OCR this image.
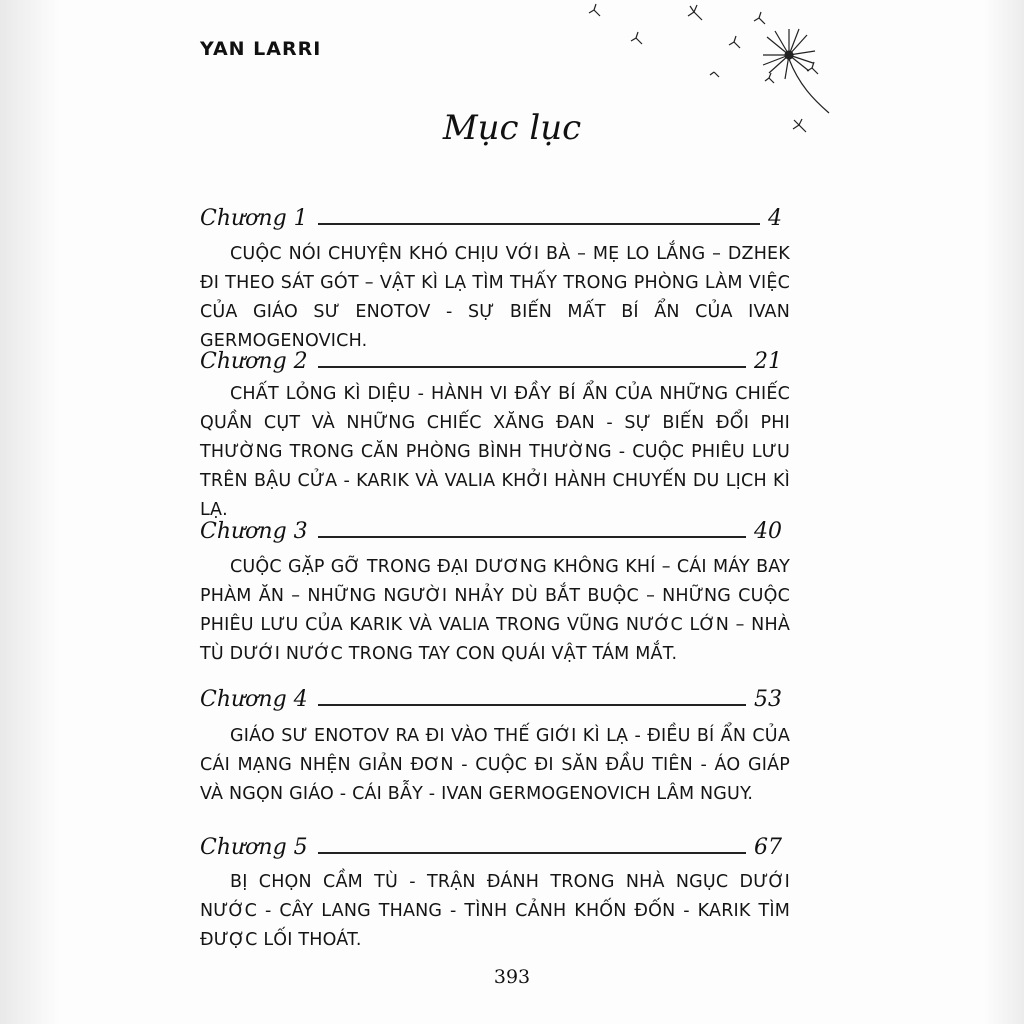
YAN LARRI
Mục lục
Chương 1	4
CUỘC NÓI CHUYỆN KHÓ CHỊU VỚI BÀ – MẸ LO LẮNG – DZHEK ĐI THEO SÁT GÓT – VẬT KÌ LẠ TÌM THẤY TRONG PHÒNG LÀM VIỆC CỦA GIÁO SƯ ENOTOV - SỰ BIẾN MẤT BÍ ẨN CỦA IVAN GERMOGENOVICH.
Chương 2	21
CHẤT LỎNG KÌ DIỆU - HÀNH VI ĐẦY BÍ ẨN CỦA NHỮNG CHIẾC QUẦN CỤT VÀ NHỮNG CHIẾC XĂNG ĐAN - SỰ BIẾN ĐỔI PHI THƯỜNG TRONG CĂN PHÒNG BÌNH THƯỜNG - CUỘC PHIÊU LƯU TRÊN BẬU CỬA - KARIK VÀ VALIA KHỞI HÀNH CHUYẾN DU LỊCH KÌ LẠ.
Chương 3	40
CUỘC GẶP GỠ TRONG ĐẠI DƯƠNG KHÔNG KHÍ – CÁI MÁY BAY PHÀM ĂN – NHỮNG NGƯỜI NHẢY DÙ BẮT BUỘC – NHỮNG CUỘC PHIÊU LƯU CỦA KARIK VÀ VALIA TRONG VŨNG NƯỚC LỚN – NHÀ TÙ DƯỚI NƯỚC TRONG TAY CON QUÁI VẬT TÁM MẮT.
Chương 4	53
GIÁO SƯ ENOTOV RA ĐI VÀO THẾ GIỚI KÌ LẠ - ĐIỀU BÍ ẨN CỦA CÁI MẠNG NHỆN GIẢN ĐƠN - CUỘC ĐI SĂN ĐẦU TIÊN - ÁO GIÁP VÀ NGỌN GIÁO - CÁI BẪY - IVAN GERMOGENOVICH LÂM NGUY.
Chương 5	67
BỊ CHỌN CẦM TÙ - TRẬN ĐÁNH TRONG NHÀ NGỤC DƯỚI NƯỚC - CÂY LANG THANG - TÌNH CẢNH KHỐN ĐỐN - KARIK TÌM ĐƯỢC LỐI THOÁT.
393
